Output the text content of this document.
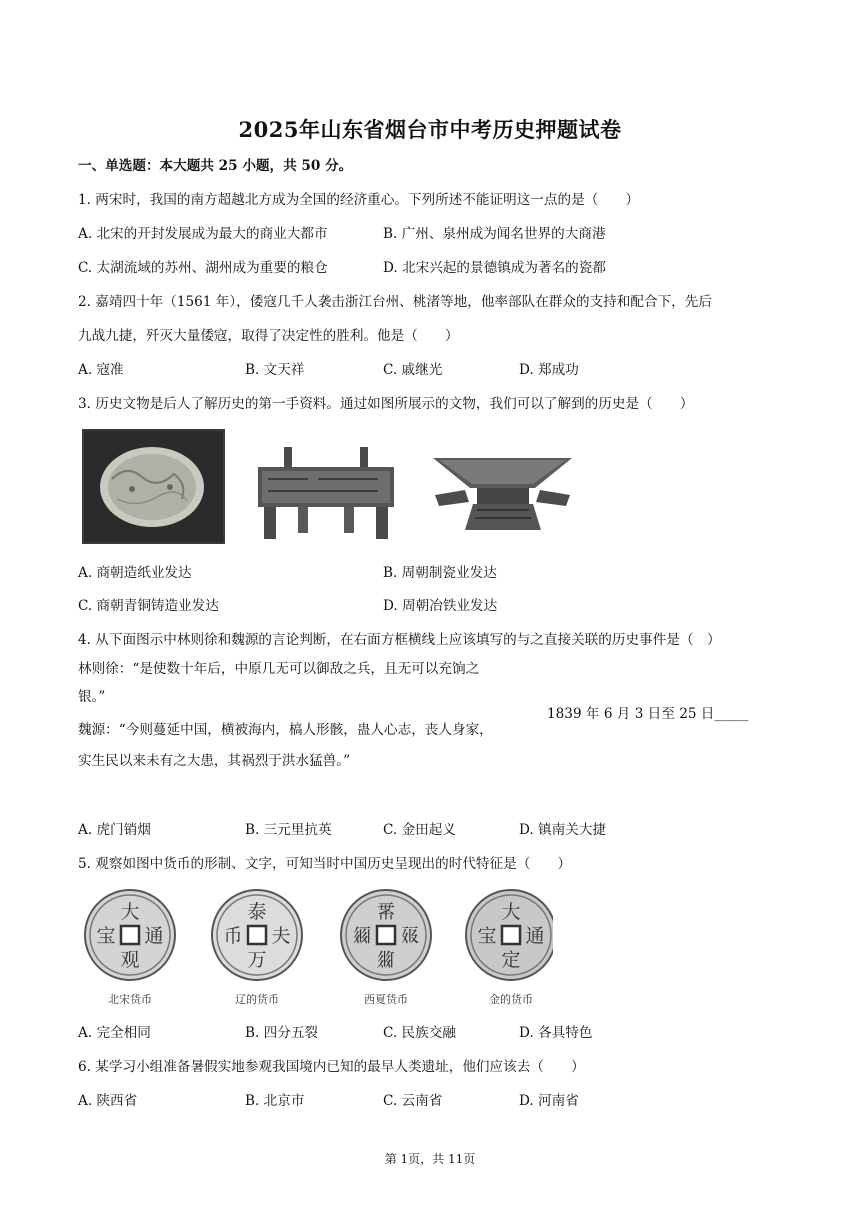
2025年山东省烟台市中考历史押题试卷
一、单选题：本大题共 25 小题，共 50 分。
1. 两宋时，我国的南方超越北方成为全国的经济重心。下列所述不能证明这一点的是（　　）
A. 北宋的开封发展成为最大的商业大都市	B. 广州、泉州成为闻名世界的大商港
C. 太湖流域的苏州、湖州成为重要的粮仓	D. 北宋兴起的景德镇成为著名的瓷都
2. 嘉靖四十年（1561 年），倭寇几千人袭击浙江台州、桃渚等地，他率部队在群众的支持和配合下，先后
九战九捷，歼灭大量倭寇，取得了决定性的胜利。他是（　　）
A. 寇准	B. 文天祥	C. 戚继光	D. 郑成功
3. 历史文物是后人了解历史的第一手资料。通过如图所展示的文物，我们可以了解到的历史是（　　）
A. 商朝造纸业发达	B. 周朝制瓷业发达
C. 商朝青铜铸造业发达	D. 周朝冶铁业发达
4. 从下面图示中林则徐和魏源的言论判断，在右面方框横线上应该填写的与之直接关联的历史事件是（　）
林则徐：“是使数十年后，中原几无可以御敌之兵，且无可以充饷之
银。”
魏源：“今则蔓延中国，横被海内，槁人形骸，蛊人心志，丧人身家，
实生民以来未有之大患，其祸烈于洪水猛兽。”
1839 年 6 月 3 日至 25 日_____
A. 虎门销烟	B. 三元里抗英	C. 金田起义	D. 镇南关大捷
5. 观察如图中货币的形制、文字，可知当时中国历史呈现出的时代特征是（　　）
大
通
观
宝
泰
夫
万
币
𘞐
𗡞
𗼕
𗥃
大
通
定
宝
北宋货币	辽的货币	西夏货币	金的货币
A. 完全相同	B. 四分五裂	C. 民族交融	D. 各具特色
6. 某学习小组准备暑假实地参观我国境内已知的最早人类遗址，他们应该去（　　）
A. 陕西省	B. 北京市	C. 云南省	D. 河南省
第 1页，共 11页
